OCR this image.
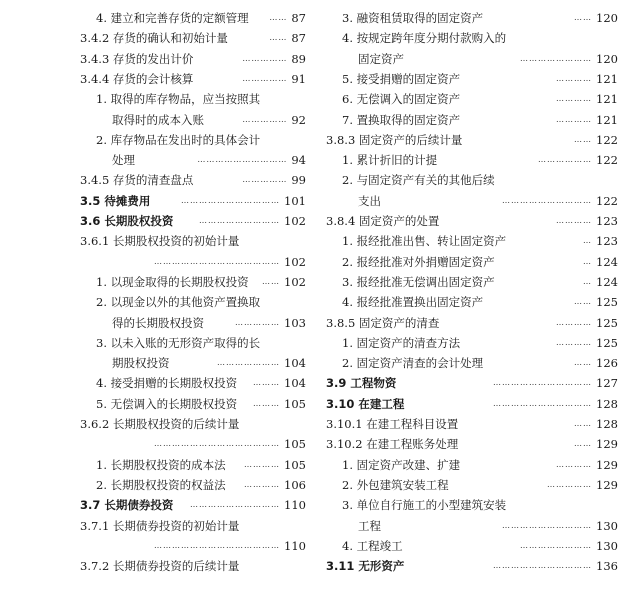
4. 建立和完善存货的定额管理	87
……
3.4.2 存货的确认和初始计量	87
……
3.4.3 存货的发出计价	89
……………
3.4.4 存货的会计核算	91
……………
1. 取得的库存物品，应当按照其
取得时的成本入账	92
……………
2. 库存物品在发出时的具体会计
处理	94
…………………………
3.4.5 存货的清查盘点	99
……………
3.5 待摊费用	101
……………………………
3.6 长期股权投资	102
………………………
3.6.1 长期股权投资的初始计量
102
……………………………………
1. 以现金取得的长期股权投资	102
……
2. 以现金以外的其他资产置换取
得的长期股权投资	103
……………
3. 以未入账的无形资产取得的长
期股权投资	104
…………………
4. 接受捐赠的长期股权投资	104
………
5. 无偿调入的长期股权投资	105
………
3.6.2 长期股权投资的后续计量
105
……………………………………
1. 长期股权投资的成本法	105
…………
2. 长期股权投资的权益法	106
…………
3.7 长期债券投资	110
…………………………
3.7.1 长期债券投资的初始计量
110
……………………………………
3.7.2 长期债券投资的后续计量
3. 融资租赁取得的固定资产	120
……
4. 按规定跨年度分期付款购入的
固定资产	120
……………………
5. 接受捐赠的固定资产	121
…………
6. 无偿调入的固定资产	121
…………
7. 置换取得的固定资产	121
…………
3.8.3 固定资产的后续计量	122
……
1. 累计折旧的计提	122
………………
2. 与固定资产有关的其他后续
支出	122
…………………………
3.8.4 固定资产的处置	123
…………
1. 报经批准出售、转让固定资产	123
…
2. 报经批准对外捐赠固定资产	124
…
3. 报经批准无偿调出固定资产	124
…
4. 报经批准置换出固定资产	125
……
3.8.5 固定资产的清查	125
…………
1. 固定资产的清查方法	125
…………
2. 固定资产清查的会计处理	126
……
3.9 工程物资	127
……………………………
3.10 在建工程	128
……………………………
3.10.1 在建工程科目设置	128
……
3.10.2 在建工程账务处理	129
……
1. 固定资产改建、扩建	129
…………
2. 外包建筑安装工程	129
……………
3. 单位自行施工的小型建筑安装
工程	130
…………………………
4. 工程竣工	130
……………………
3.11 无形资产	136
……………………………
